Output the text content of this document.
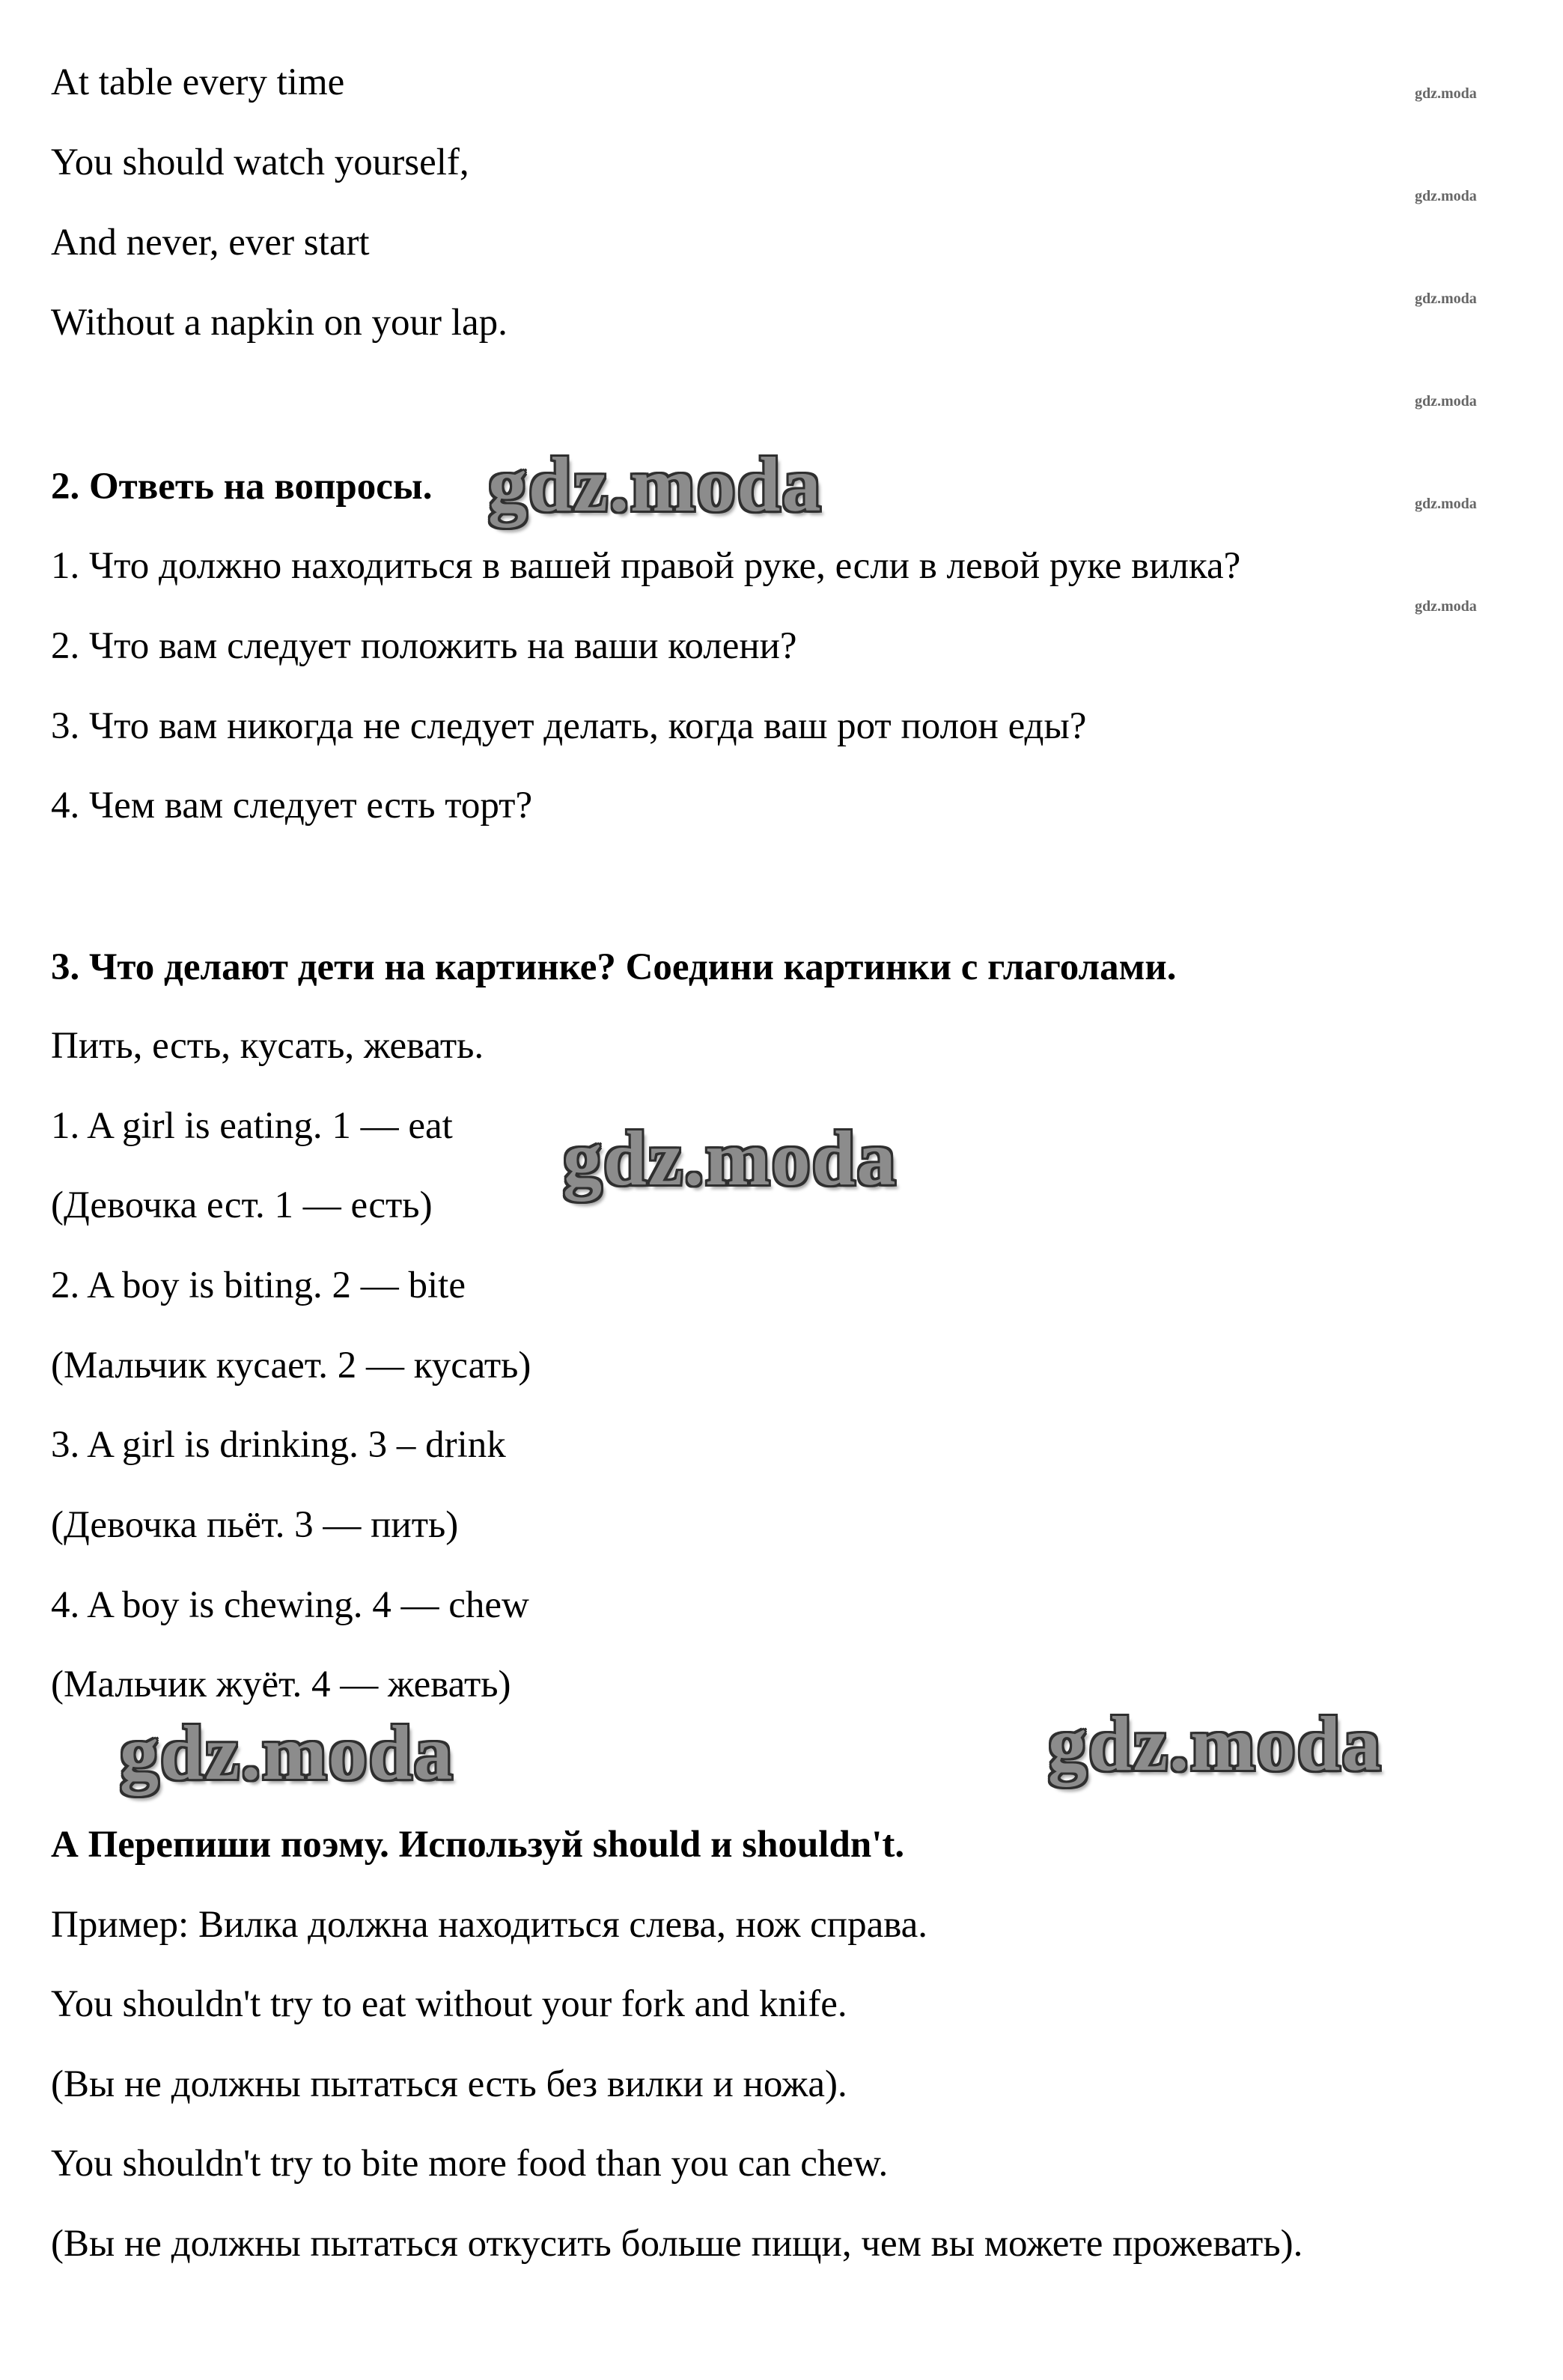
At table every time
You should watch yourself,
And never, ever start
Without a napkin on your lap.
2. Ответь на вопросы.
1. Что должно находиться в вашей правой руке, если в левой руке вилка?
2. Что вам следует положить на ваши колени?
3. Что вам никогда не следует делать, когда ваш рот полон еды?
4. Чем вам следует есть торт?
3. Что делают дети на картинке? Соедини картинки с глаголами.
Пить, есть, кусать, жевать.
1. A girl is eating. 1 — eat
(Девочка ест. 1 — есть)
2. A boy is biting. 2 — bite
(Мальчик кусает. 2 — кусать)
3. A girl is drinking. 3 – drink
(Девочка пьёт. 3 — пить)
4. A boy is chewing. 4 — chew
(Мальчик жуёт. 4 — жевать)
А Перепиши поэму. Используй should и shouldn't.
Пример: Вилка должна находиться слева, нож справа.
You shouldn't try to eat without your fork and knife.
(Вы не должны пытаться есть без вилки и ножа).
You shouldn't try to bite more food than you can chew.
(Вы не должны пытаться откусить больше пищи, чем вы можете прожевать).
gdz.moda
gdz.moda
gdz.moda
gdz.moda
gdz.moda
gdz.moda
gdz.moda
gdz.moda
gdz.moda	gdz.moda
